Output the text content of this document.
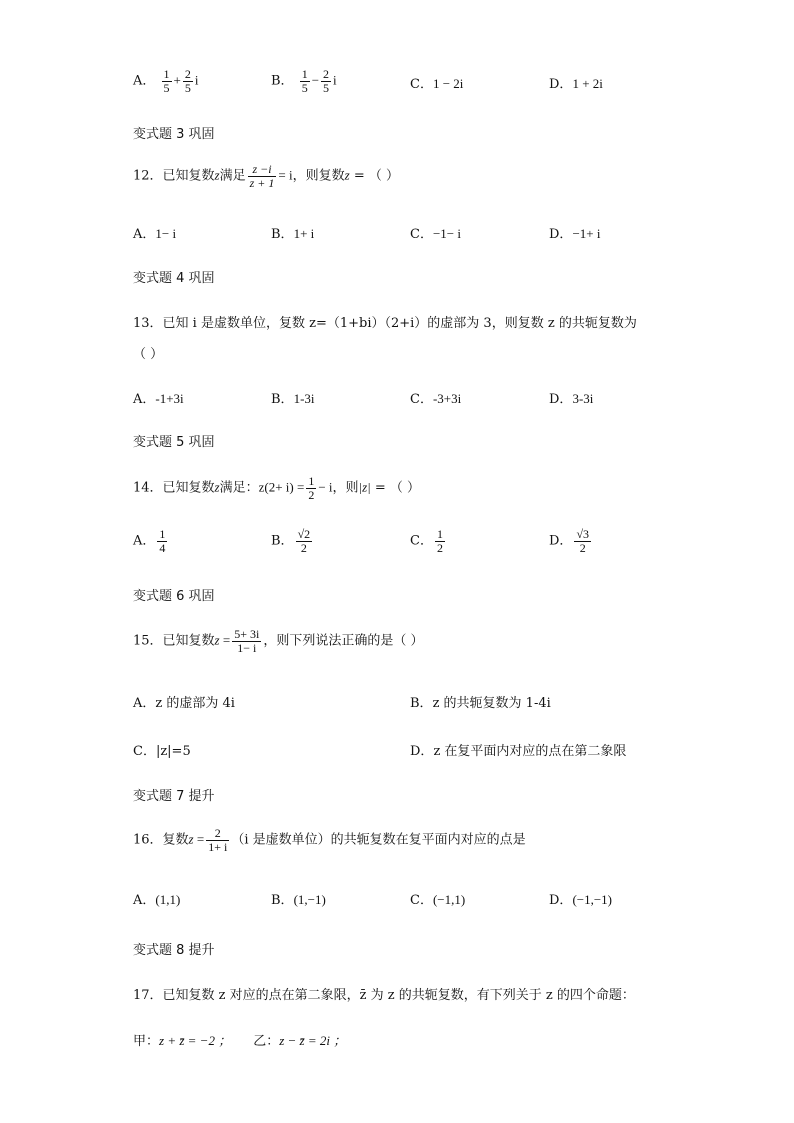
A． $\frac{1}{5} + \frac{2}{5}$ i	B． $\frac{1}{5} - \frac{2}{5}$ i	C．1 − 2i	D．1 + 2i
变式题 3 巩固
12．已知复数z满足 $\frac{z -i}{z + 1} = i$，则复数z = （ ）
A．1− i	B．1+ i	C．−1− i	D．−1+ i
变式题 4 巩固
13．已知 i 是虚数单位，复数 z=（1+bi）（2+i）的虚部为 3，则复数 z 的共轭复数为
（ ）
A．-1+3i	B．1-3i	C．-3+3i	D．3-3i
变式题 5 巩固
14．已知复数z满足：$z(2+ i) = \frac{1}{2} - i$，则|z| = （ ）
A． $\frac{1}{4}$	B． $\frac{√2}{2}$	C． $\frac{1}{2}$	D． $\frac{√3}{2}$
变式题 6 巩固
15．已知复数$z = \frac{5+ 3i}{1- i}$ ，则下列说法正确的是（ ）
A．z 的虚部为 4i	B．z 的共轭复数为 1-4i
C．|z|=5	D．z 在复平面内对应的点在第二象限
变式题 7 提升
16．复数$z = \frac{2}{1+ i} (i$ 是虚数单位）的共轭复数在复平面内对应的点是
A．(1,1)	B．(1,−1)	C．(−1,1)	D．(−1,−1)
变式题 8 提升
17．已知复数 z 对应的点在第二象限，z̄ 为 z 的共轭复数，有下列关于 z 的四个命题：
甲：z + z̄ = −2 ； 乙：z − z̄ = 2i ；
